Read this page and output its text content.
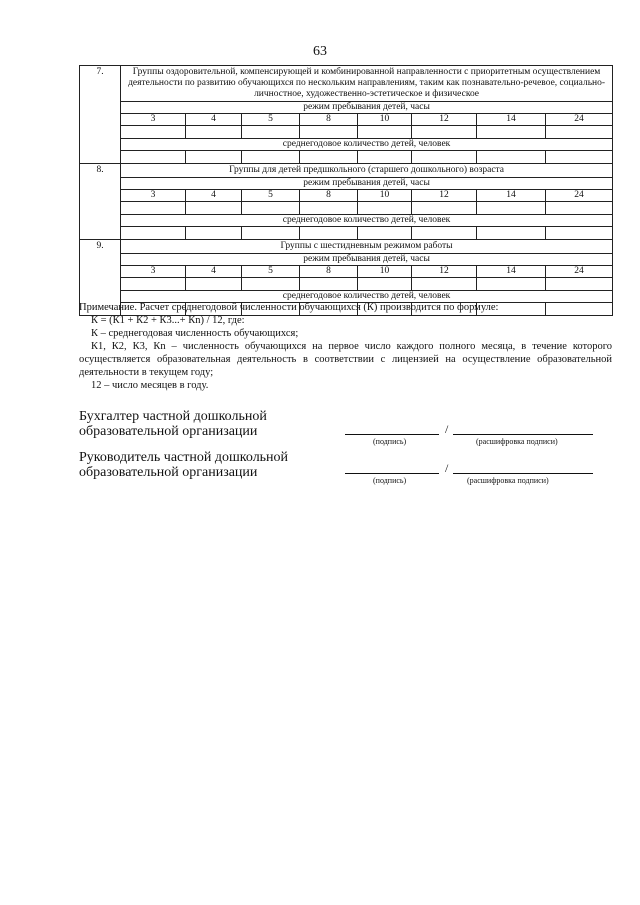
63
7.	Группы оздоровительной, компенсирующей и комбинированной направленности с приоритетным осуществлением деятельности по развитию обучающихся по нескольким направлениям, таким как познавательно-речевое, социально-личностное, художественно-эстетическое и физическое							
	режим пребывания детей, часы							
	3	4	5	8	10	12	14	24

	среднегодовое количество детей, человек							

8.	Группы для детей предшкольного (старшего дошкольного) возраста							
	режим пребывания детей, часы							
	3	4	5	8	10	12	14	24

	среднегодовое количество детей, человек							

9.	Группы с шестидневным режимом работы							
	режим пребывания детей, часы							
	3	4	5	8	10	12	14	24

	среднегодовое количество детей, человек							

Примечание. Расчет среднегодовой численности обучающихся (К) производится по формуле:

К = (К1 + К2 + К3...+ Кn) / 12, где:

К – среднегодовая численность обучающихся;

К1, К2, К3, Кn – численность обучающихся на первое число каждого полного месяца, в течение которого осуществляется образовательная деятельность в соответствии с лицензией на осуществление образовательной деятельности в текущем году;

12 – число месяцев в году.

Бухгалтер частной дошкольной образовательной организации	/
(подпись)	(расшифровка подписи)
Руководитель частной дошкольной образовательной организации	/
(подпись)	(расшифровка подписи)
